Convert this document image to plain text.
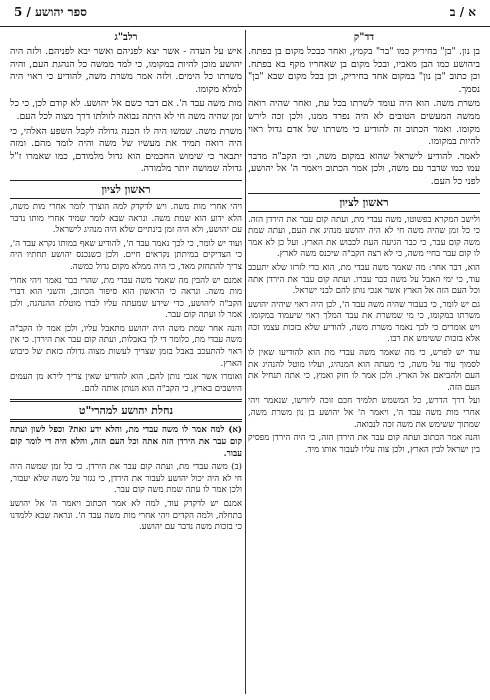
ספר יהושע / 5	א / ב
דד"ק

בן נון. "בן" בחיריק כמו "בר" בקמץ, ואחר כבכל מקום בן בפתח. ביהושע כמו הבן מאביו, ובכל מקום בן שאחריו מקף בא בפתח. וכן כתוב "בן נון" במקום אחד בחיריק, וכן בכל מקום שבא "בן" נסמך.

משרת משה. הוא היה עומד לשרתו בכל עת, ואחר שהיה רואה ממשה המעשים הטובים לא היה נפרד ממנו, ולכן זכה לירש מקומו. ואמר הכתוב זה להודיע כי משרתו של אדם גדול ראוי להיות במקומו.

לאמר. להודיע לישראל שהוא במקום משה, וכי הקב"ה מדבר עמו כמו שדבר עם משה, ולכן אמר הכתוב ויאמר ה' אל יהושע, לפני כל העם.

ראשון לציון

ולישב המקרא בפשוטו, משה עבדי מת, ועתה קום עבר את הירדן הזה. כי כל זמן שהיה משה חי לא היה יהושע מנהיג את העם, ועתה שמת משה קום עבר, כי כבר הגיעה העת לכבוש את הארץ. ועל כן לא אמר לו קום עבר בחיי משה, כי לא רצה הקב"ה שיכנס משה לארץ.

הוא, דבר אחר: מה שאמר משה עבדי מת, הוא כדי לזרזו שלא יתעכב עוד, כי ימי האבל על משה כבר עברו. ועתה קום עבר את הירדן אתה וכל העם הזה אל הארץ אשר אנכי נותן להם לבני ישראל.

גם יש לומר, כי בעבור שהיה משה עבד ה', לכן היה ראוי שיהיה יהושע משרתו במקומו, כי מי שמשרת את עבד המלך ראוי שיעמוד במקומו. ויש אומרים כי לכך נאמר משרת משה, להודיע שלא בזכות עצמו זכה אלא בזכות ששימש את רבו.

עוד יש לפרש, כי מה שאמר משה עבדי מת הוא להודיעו שאין לו לסמוך עוד על משה, כי מעתה הוא המנהיג, ועליו מוטל להנהיג את העם ולהביאם אל הארץ. ולכן אמר לו חזק ואמץ, כי אתה תנחיל את העם הזה.

ועל דרך הדרש, כל המשמש תלמיד חכם זוכה ליורשו, שנאמר ויהי אחרי מות משה עבד ה', ויאמר ה' אל יהושע בן נון משרת משה, שמתוך ששימש את משה זכה לנבואה.

והנה אמר הכתוב ועתה קום עבר את הירדן הזה, כי היה הירדן מפסיק בין ישראל לבין הארץ, ולכן צוה עליו לעבור אותו מיד.

רלב"ג

איש על העדה - אשר יצא לפניהם ואשר יבא לפניהם. ולזה היה יהושע מוכן להיות במקומו, כי למד ממשה כל הנהגת העם, והיה משרתו כל הימים. ולזה אמר משרת משה, להודיע כי ראוי היה למלא מקומו.

מות משה עבד ה'. אם דבר כשם אל יהושע. לא קודם לכן, כי כל זמן שהיה משה חי לא היתה נבואה לזולתו דרך מצוה לכל העם.

משרת משה. שמשו היה לו הכנה גדולה לקבל השפע האלהי, כי היה רואה תמיד את מעשיו של משה והיה לומד מהם. ומזה יתבאר כי שימוש החכמים הוא גדול מלמודם, כמו שאמרו ז"ל גדולה שמושה יותר מלמודה.

ראשון לציון

ויהי אחרי מות משה. ויש לדקדק למה הוצרך לומר אחרי מות משה, הלא ידוע הוא שמת משה. ונראה שבא לומר שמיד אחרי מותו נדבר עם יהושע, ולא היה זמן בינתיים שלא היה מנהיג לישראל.

ועוד יש לומר, כי לכך נאמר עבד ה', להודיע שאף במותו נקרא עבד ה', כי הצדיקים במיתתן נקראים חיים. ולכן כשנכנס יהושע תחתיו היה צריך להתחזק מאד, כי היה ממלא מקום גדול כמשה.

אמנם יש להבין מה שאמר משה עבדי מת, שהרי כבר נאמר ויהי אחרי מות משה. ונראה כי הראשון הוא סיפור הכתוב, והשני הוא דברי הקב"ה ליהושע, כדי שידע שמעתה עליו לבדו מוטלת ההנהגה, ולכן אמר לו ועתה קום עבר.

והנה אחר שמת משה היה יהושע מתאבל עליו, ולכן אמר לו הקב"ה משה עבדי מת, כלומר די לך באבלות, ועתה קום עבר את הירדן. כי אין ראוי להתעכב באבל בזמן שצריך לעשות מצוה גדולה כזאת של כיבוש הארץ.

ואומרו אשר אנכי נותן להם, הוא להודיע שאין צריך לירא מן העמים היושבים בארץ, כי הקב"ה הוא הנותן אותה להם.

נחלת יהושע למהרי"ט

(א) למה אמר לו משה עבדי מת, והלא ידע זאת? וכפל לשון ועתה קום עבר את הירדן הזה אתה וכל העם הזה, והלא היה די לומר קום עבור.

(ב) משה עבדי מת, ועתה קום עבר את הירדן. כי כל זמן שמשה היה חי לא היה יכול יהושע לעבור את הירדן, כי נגזר על משה שלא יעבור, ולכן אמר לו עתה שמת משה קום עבר.

אמנם יש לדקדק עוד, למה לא אמר הכתוב ויאמר ה' אל יהושע בתחלה, ולמה הקדים ויהי אחרי מות משה עבד ה'. ונראה שבא ללמדנו כי בזכות משה נדבר עם יהושע.
